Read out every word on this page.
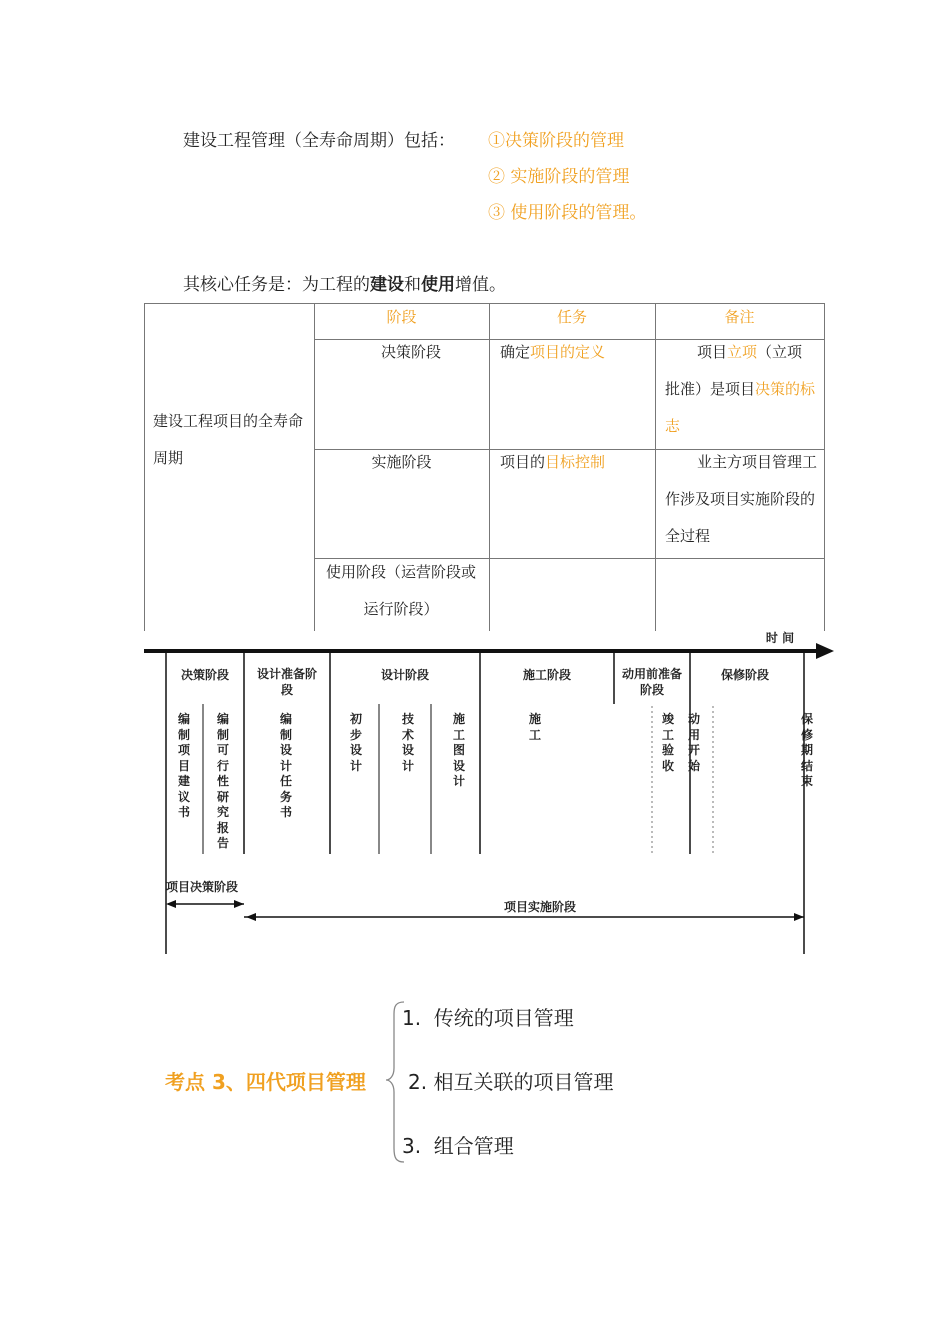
建设工程管理（全寿命周期）包括： ①决策阶段的管理
② 实施阶段的管理
③ 使用阶段的管理。
其核心任务是：为工程的建设和使用增值。
建设工程项目的全寿命周期
阶段	任务	备注
决策阶段	确定项目的定义	项目立项（立项批准）是项目决策的标志
实施阶段	项目的目标控制	业主方项目管理工作涉及项目实施阶段的全过程
使用阶段（运营阶段或运行阶段）
时 间
决策阶段	设计准备阶段
设计阶段	施工阶段	动用前准备阶段
保修阶段
编制项目建议书
编制可行性研究报告
编制设计任务书
初步设计
技术设计
施工图设计
施工
竣工验收
动用开始
保修期结束
项目决策阶段
项目实施阶段
考点 3、四代项目管理
1.  传统的项目管理
2. 相互关联的项目管理
3.  组合管理
